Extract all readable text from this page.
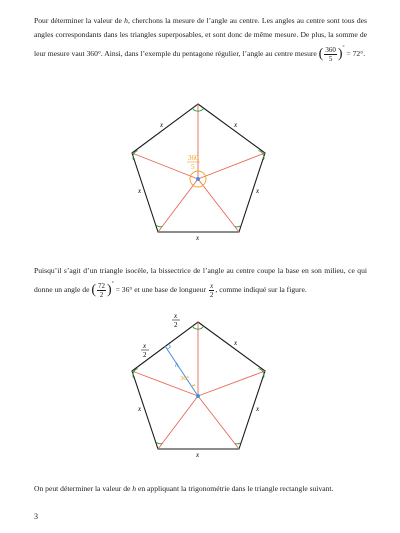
Pour déterminer la valeur de h, cherchons la mesure de l’angle au centre. Les angles au centre sont tous des angles correspondants dans les triangles superposables, et sont donc de même mesure. De plus, la somme de leur mesure vaut 360°. Ainsi, dans l’exemple du pentagone régulier, l’angle au centre mesure ( $\frac{360}{5} )^\circ = 72^\circ$.

360
5
x	x
x	x
x
h
36°
x
2
x
2
x
x	x
x

Puisqu’il s’agit d’un triangle isocèle, la bissectrice de l’angle au centre coupe la base en son milieu, ce qui donne un angle de ( $\frac{72}{2} )^\circ = 36^\circ$ et une base de longueur $\frac{x}{2}$ , comme indiqué sur la figure.

On peut déterminer la valeur de h en appliquant la trigonométrie dans le triangle rectangle suivant.

3
